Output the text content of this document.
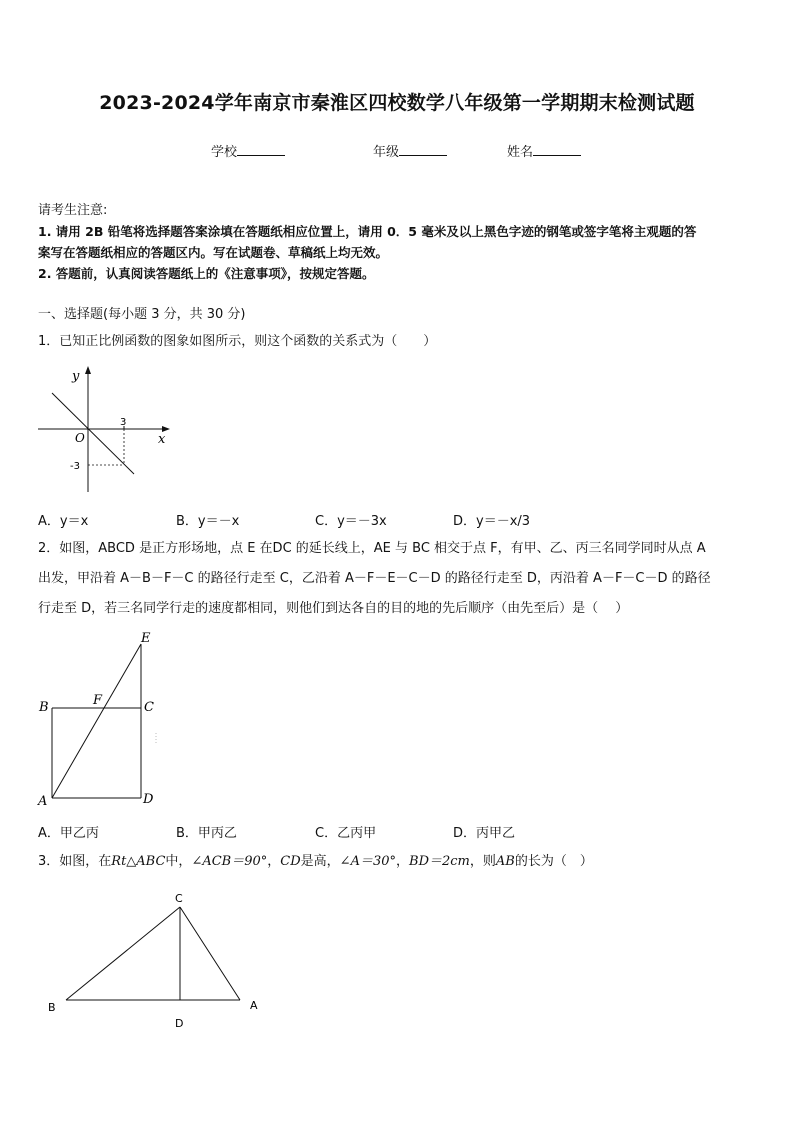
2023-2024学年南京市秦淮区四校数学八年级第一学期期末检测试题
学校	年级	姓名
请考生注意:
1. 请用 2B 铅笔将选择题答案涂填在答题纸相应位置上，请用 0．5 毫米及以上黑色字迹的钢笔或签字笔将主观题的答
案写在答题纸相应的答题区内。写在试题卷、草稿纸上均无效。
2. 答题前，认真阅读答题纸上的《注意事项》，按规定答题。
一、选择题(每小题 3 分，共 30 分)
1．已知正比例函数的图象如图所示，则这个函数的关系式为（　　）
y
x
O
3
-3
A．y＝x	B．y＝－x	C．y＝－3x	D．y＝－x/3
2．如图，ABCD 是正方形场地，点 E 在DC 的延长线上，AE 与 BC 相交于点 F，有甲、乙、丙三名同学同时从点 A
出发，甲沿着 A－B－F－C 的路径行走至 C，乙沿着 A－F－E－C－D 的路径行走至 D，丙沿着 A－F－C－D 的路径
行走至 D，若三名同学行走的速度都相同，则他们到达各自的目的地的先后顺序（由先至后）是（　 ）
E
F
B	C
A	D
A．甲乙丙	B．甲丙乙	C．乙丙甲	D．丙甲乙
3．如图，在Rt△ABC中，∠ACB＝90°，CD是高，∠A＝30°，BD＝2cm，则AB的长为（　）
C
B	A
D
